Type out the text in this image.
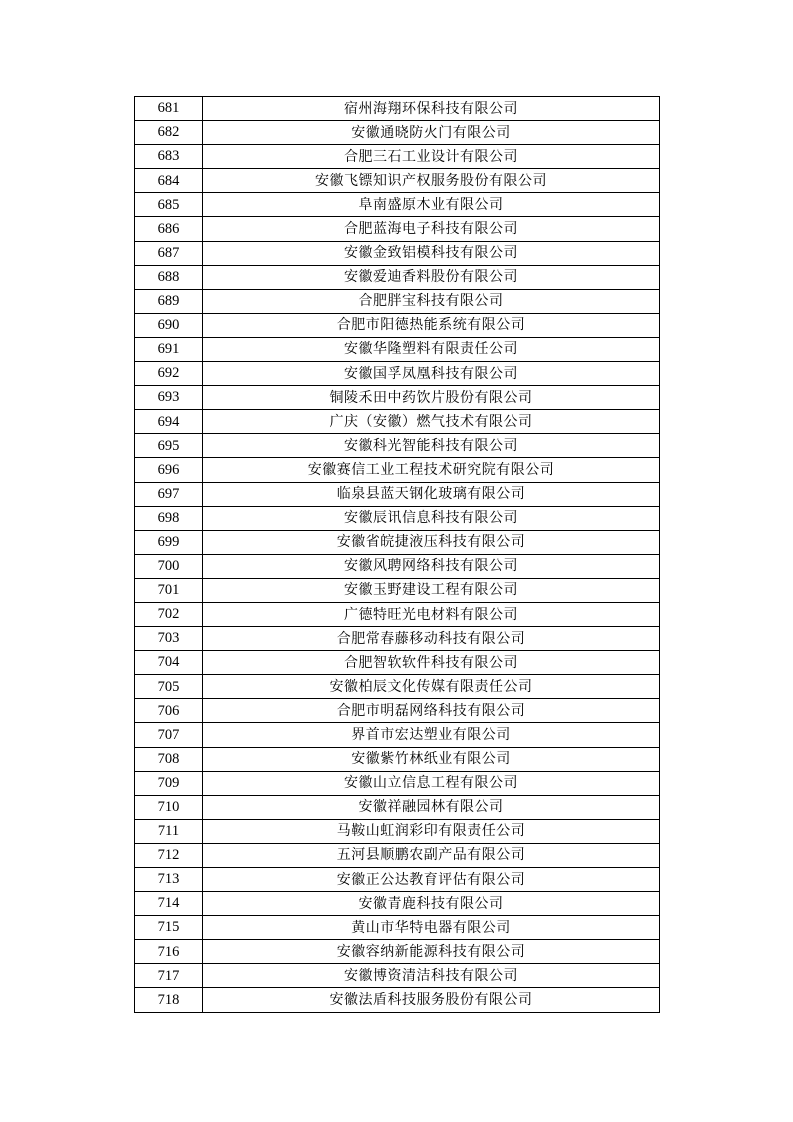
681	宿州海翔环保科技有限公司
682	安徽通晓防火门有限公司
683	合肥三石工业设计有限公司
684	安徽飞镖知识产权服务股份有限公司
685	阜南盛原木业有限公司
686	合肥蓝海电子科技有限公司
687	安徽金致铝模科技有限公司
688	安徽爱迪香料股份有限公司
689	合肥胖宝科技有限公司
690	合肥市阳德热能系统有限公司
691	安徽华隆塑料有限责任公司
692	安徽国孚凤凰科技有限公司
693	铜陵禾田中药饮片股份有限公司
694	广庆（安徽）燃气技术有限公司
695	安徽科光智能科技有限公司
696	安徽赛信工业工程技术研究院有限公司
697	临泉县蓝天钢化玻璃有限公司
698	安徽辰讯信息科技有限公司
699	安徽省皖捷液压科技有限公司
700	安徽风聘网络科技有限公司
701	安徽玉野建设工程有限公司
702	广德特旺光电材料有限公司
703	合肥常春藤移动科技有限公司
704	合肥智软软件科技有限公司
705	安徽柏辰文化传媒有限责任公司
706	合肥市明磊网络科技有限公司
707	界首市宏达塑业有限公司
708	安徽紫竹林纸业有限公司
709	安徽山立信息工程有限公司
710	安徽祥融园林有限公司
711	马鞍山虹润彩印有限责任公司
712	五河县顺鹏农副产品有限公司
713	安徽正公达教育评估有限公司
714	安徽青鹿科技有限公司
715	黄山市华特电器有限公司
716	安徽容纳新能源科技有限公司
717	安徽博资清洁科技有限公司
718	安徽法盾科技服务股份有限公司
